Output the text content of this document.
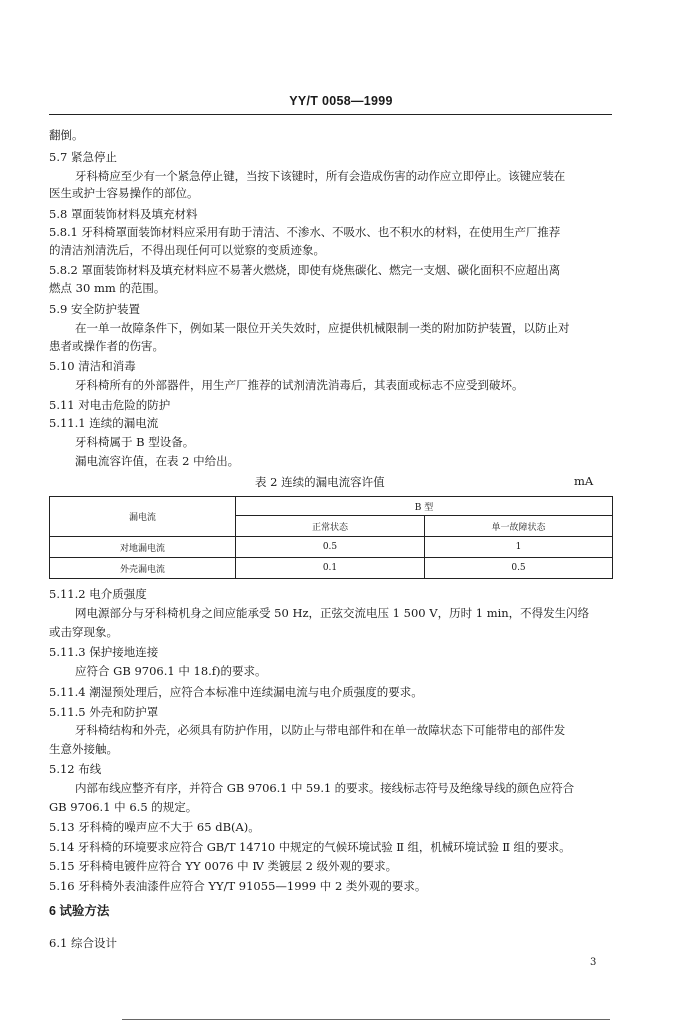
YY/T 0058—1999
翻倒。
5.7 紧急停止
牙科椅应至少有一个紧急停止键，当按下该键时，所有会造成伤害的动作应立即停止。该键应装在
医生或护士容易操作的部位。
5.8 罩面装饰材料及填充材料
5.8.1 牙科椅罩面装饰材料应采用有助于清洁、不渗水、不吸水、也不积水的材料，在使用生产厂推荐
的清洁剂清洗后，不得出现任何可以觉察的变质迹象。
5.8.2 罩面装饰材料及填充材料应不易著火燃烧，即使有烧焦碳化、燃完一支烟、碳化面积不应超出离
燃点 30 mm 的范围。
5.9 安全防护装置
在一单一故障条件下，例如某一限位开关失效时，应提供机械限制一类的附加防护装置，以防止对
患者或操作者的伤害。
5.10 清洁和消毒
牙科椅所有的外部器件，用生产厂推荐的试剂清洗消毒后，其表面或标志不应受到破坏。
5.11 对电击危险的防护
5.11.1 连续的漏电流
牙科椅属于 B 型设备。
漏电流容许值，在表 2 中给出。
表 2 连续的漏电流容许值	mA
漏电流	B 型	
	正常状态	单一故障状态
对地漏电流	0.5	1
外壳漏电流	0.1	0.5
5.11.2 电介质强度
网电源部分与牙科椅机身之间应能承受 50 Hz，正弦交流电压 1 500 V，历时 1 min，不得发生闪络
或击穿现象。
5.11.3 保护接地连接
应符合 GB 9706.1 中 18.f)的要求。
5.11.4 潮湿预处理后，应符合本标准中连续漏电流与电介质强度的要求。
5.11.5 外壳和防护罩
牙科椅结构和外壳，必须具有防护作用，以防止与带电部件和在单一故障状态下可能带电的部件发
生意外接触。
5.12 布线
内部布线应整齐有序，并符合 GB 9706.1 中 59.1 的要求。接线标志符号及绝缘导线的颜色应符合
GB 9706.1 中 6.5 的规定。
5.13 牙科椅的噪声应不大于 65 dB(A)。
5.14 牙科椅的环境要求应符合 GB/T 14710 中规定的气候环境试验 Ⅱ 组，机械环境试验 Ⅱ 组的要求。
5.15 牙科椅电镀件应符合 YY 0076 中 Ⅳ 类镀层 2 级外观的要求。
5.16 牙科椅外表油漆件应符合 YY/T 91055—1999 中 2 类外观的要求。
6 试验方法
6.1 综合设计
3
